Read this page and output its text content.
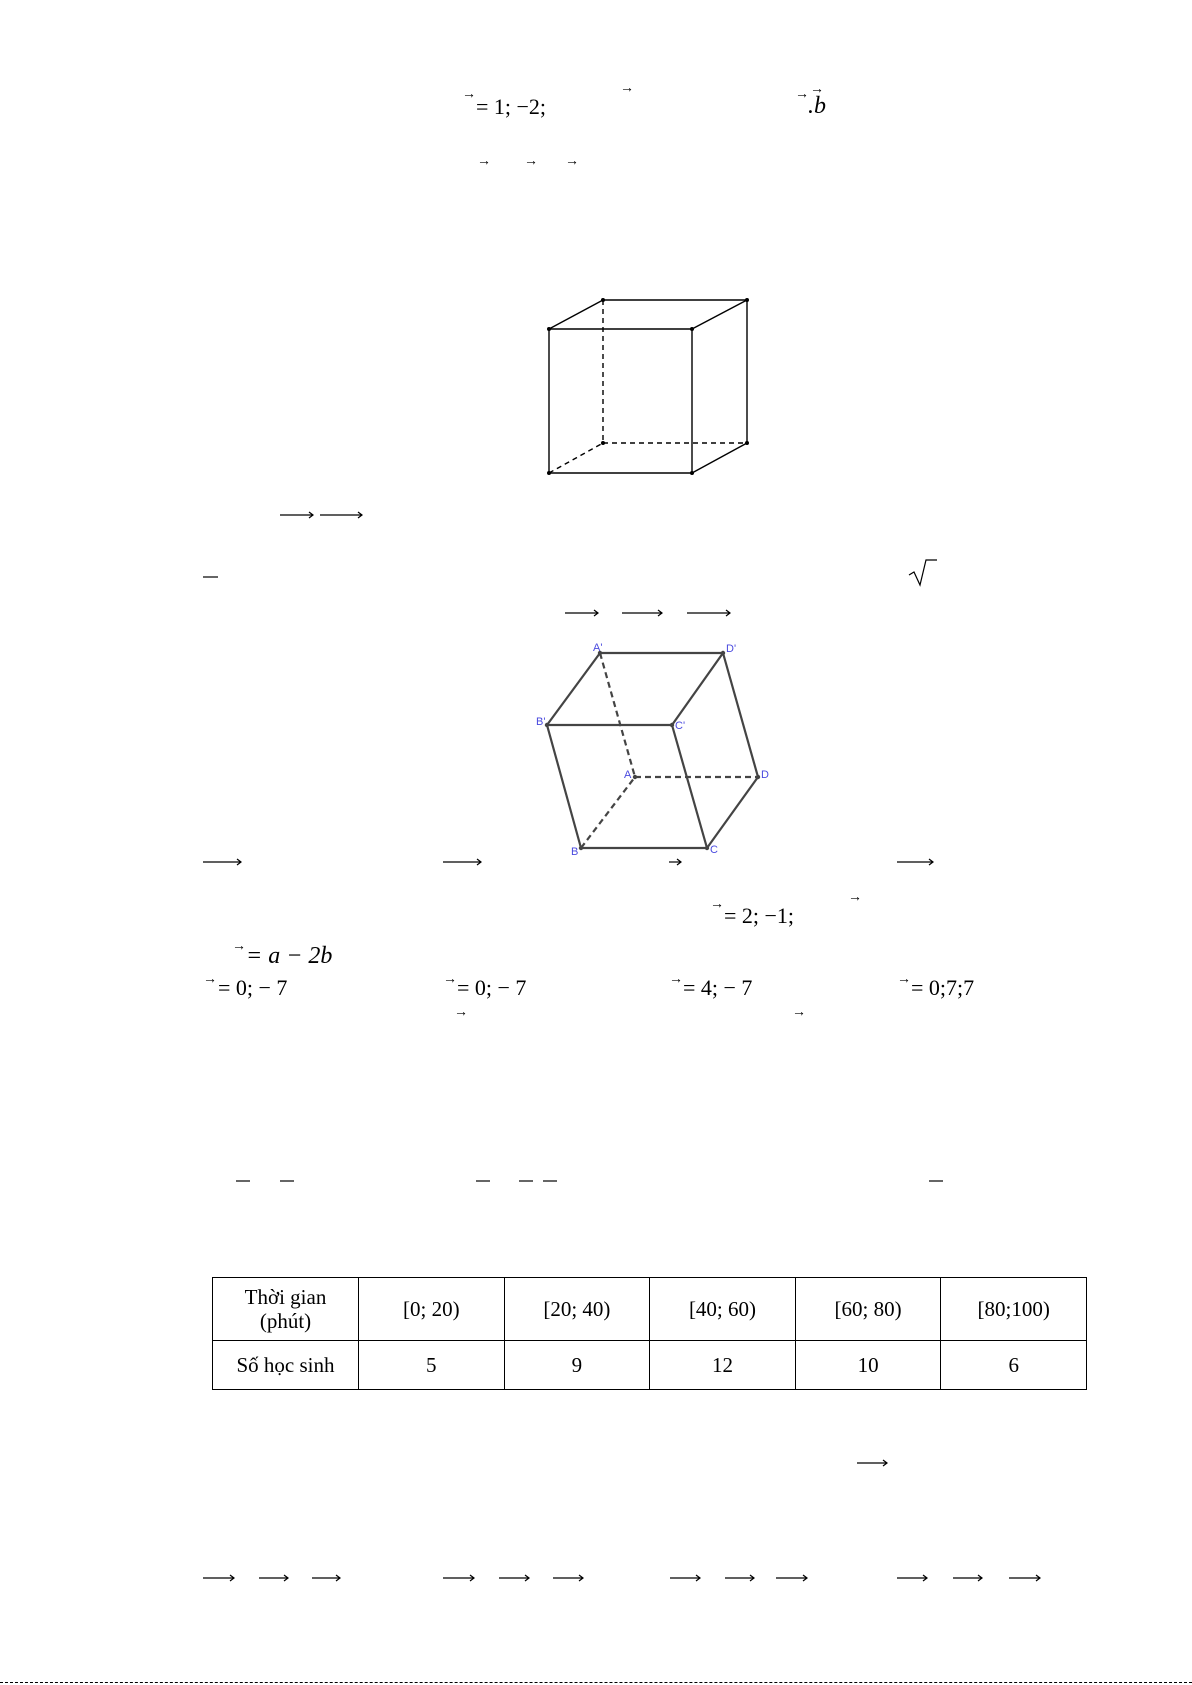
→ = 1; −2;
→	→ .b
→
→ → →
A'	D'
B'	C'
A	D
B	C
→ = 2; −1;
→
→ = a − 2b
→ = 0; − 7	→ = 0; − 7	→ = 4; − 7	→ = 0;7;7
→	→
Thời gian
(phút)	[0; 20)	[20; 40)	[40; 60)	[60; 80)	[80;100)
Số học sinh	5	9	12	10	6
